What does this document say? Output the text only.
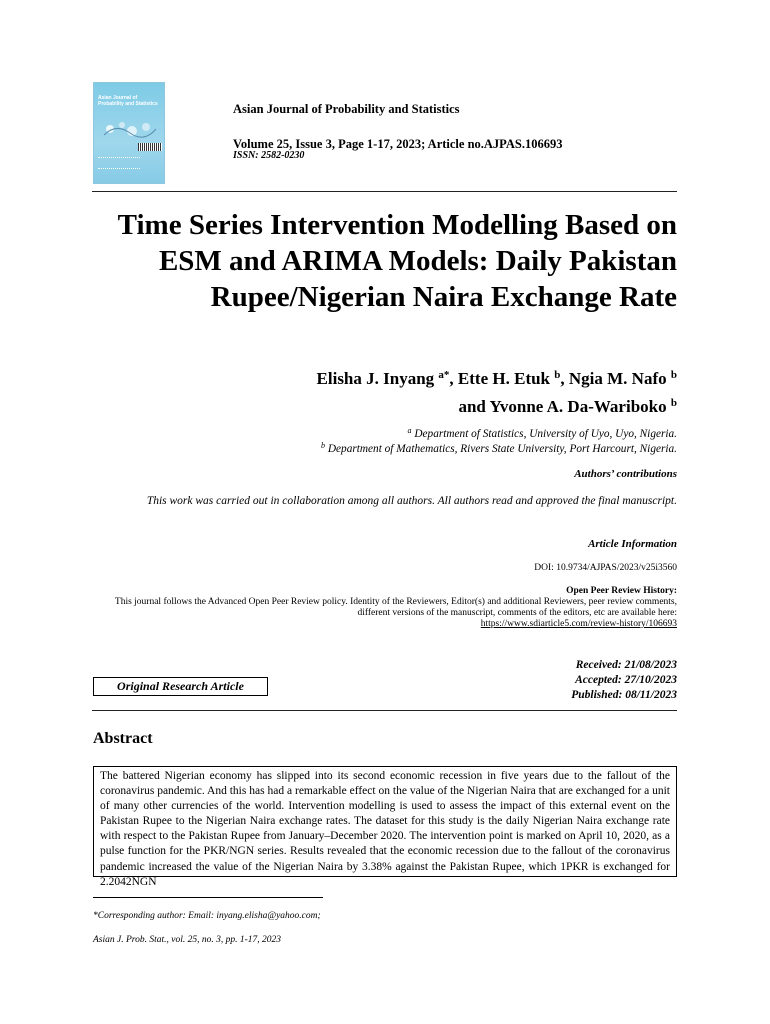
Asian Journal of Probability and Statistics	Asian Journal of Probability and Statistics
Volume 25, Issue 3, Page 1-17, 2023; Article no.AJPAS.106693
ISSN: 2582-0230
Time Series Intervention Modelling Based on ESM and ARIMA Models: Daily Pakistan Rupee/Nigerian Naira Exchange Rate
Elisha J. Inyang $^{a*}$, Ette H. Etuk $^b$, Ngia M. Nafo $^b$
and Yvonne A. Da-Wariboko $^b$
$^a$ Department of Statistics, University of Uyo, Uyo, Nigeria.
$^b$ Department of Mathematics, Rivers State University, Port Harcourt, Nigeria.
Authors’ contributions
This work was carried out in collaboration among all authors. All authors read and approved the final manuscript.
Article Information
DOI: 10.9734/AJPAS/2023/v25i3560
Open Peer Review History:
This journal follows the Advanced Open Peer Review policy. Identity of the Reviewers, Editor(s) and additional Reviewers, peer review comments, different versions of the manuscript, comments of the editors, etc are available here:
https://www.sdiarticle5.com/review-history/106693
Received: 21/08/2023
Accepted: 27/10/2023
Published: 08/11/2023
Original Research Article
Abstract

The battered Nigerian economy has slipped into its second economic recession in five years due to the fallout of the coronavirus pandemic. And this has had a remarkable effect on the value of the Nigerian Naira that are exchanged for a unit of many other currencies of the world. Intervention modelling is used to assess the impact of this external event on the Pakistan Rupee to the Nigerian Naira exchange rates. The dataset for this study is the daily Nigerian Naira exchange rate with respect to the Pakistan Rupee from January–December 2020. The intervention point is marked on April 10, 2020, as a pulse function for the PKR/NGN series. Results revealed that the economic recession due to the fallout of the coronavirus pandemic increased the value of the Nigerian Naira by 3.38% against the Pakistan Rupee, which 1PKR is exchanged for 2.2042NGN

*Corresponding author: Email: inyang.elisha@yahoo.com;
Asian J. Prob. Stat., vol. 25, no. 3, pp. 1-17, 2023
